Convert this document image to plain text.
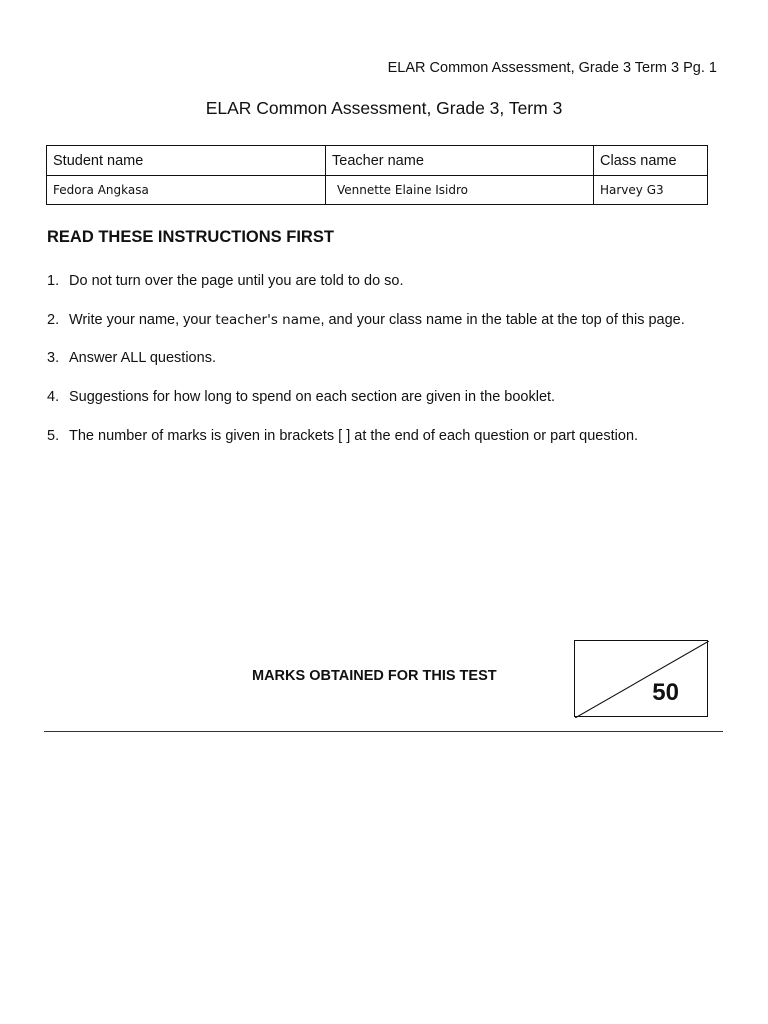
ELAR Common Assessment, Grade 3 Term 3 Pg. 1
ELAR Common Assessment, Grade 3, Term 3
Student name	Teacher name	Class name
Fedora Angkasa	Vennette Elaine Isidro	Harvey G3
READ THESE INSTRUCTIONS FIRST
1. Do not turn over the page until you are told to do so.
2. Write your name, your teacher's name, and your class name in the table at the top of this page.
3. Answer ALL questions.
4. Suggestions for how long to spend on each section are given in the booklet.
5. The number of marks is given in brackets [ ] at the end of each question or part question.
MARKS OBTAINED FOR THIS TEST
50
